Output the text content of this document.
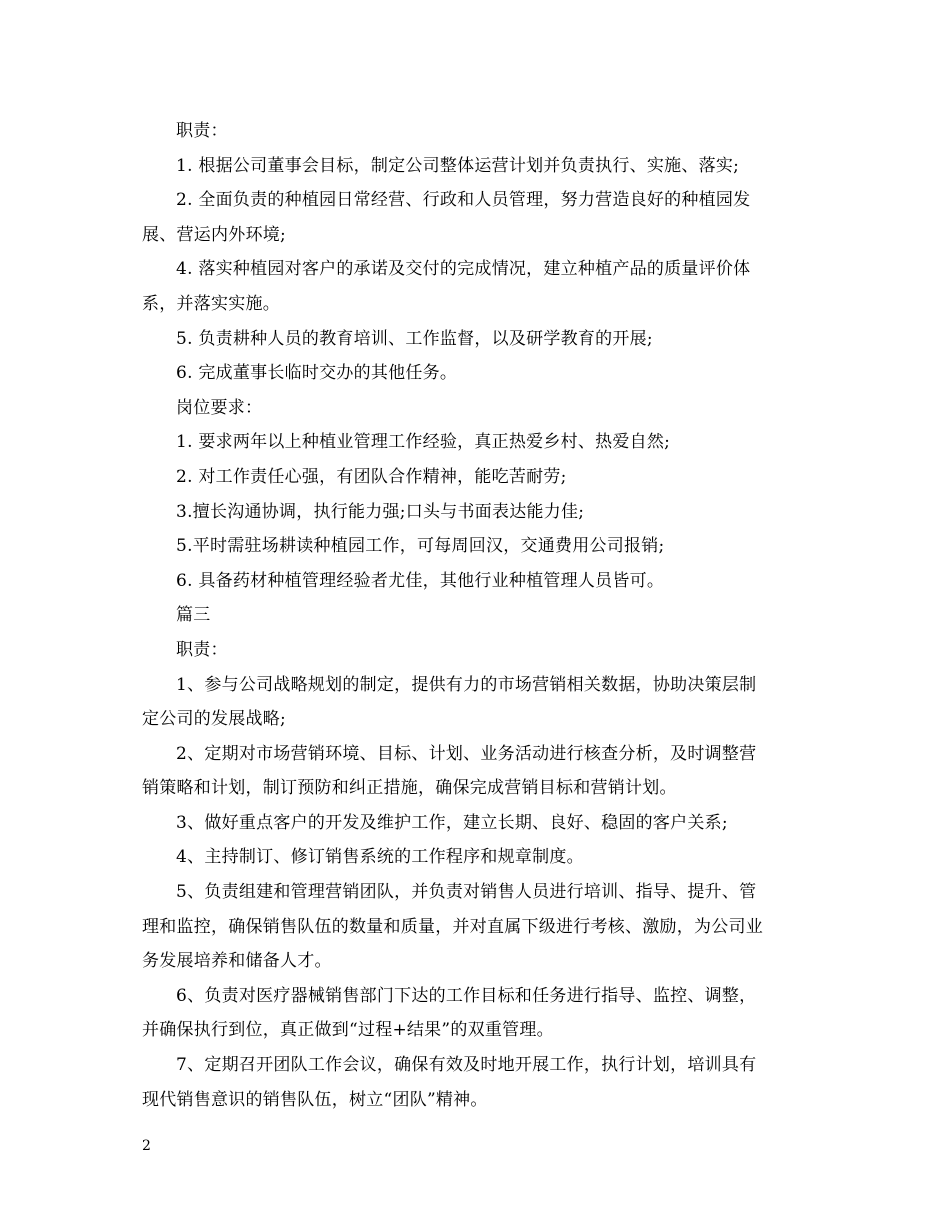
职责：
1. 根据公司董事会目标，制定公司整体运营计划并负责执行、实施、落实;
2. 全面负责的种植园日常经营、行政和人员管理，努力营造良好的种植园发
展、营运内外环境;
4. 落实种植园对客户的承诺及交付的完成情况，建立种植产品的质量评价体
系，并落实实施。
5. 负责耕种人员的教育培训、工作监督，以及研学教育的开展;
6. 完成董事长临时交办的其他任务。
岗位要求：
1. 要求两年以上种植业管理工作经验，真正热爱乡村、热爱自然;
2. 对工作责任心强，有团队合作精神，能吃苦耐劳;
3.擅长沟通协调，执行能力强;口头与书面表达能力佳;
5.平时需驻场耕读种植园工作，可每周回汉，交通费用公司报销;
6. 具备药材种植管理经验者尤佳，其他行业种植管理人员皆可。
篇三
职责：
1、参与公司战略规划的制定，提供有力的市场营销相关数据，协助决策层制
定公司的发展战略;
2、定期对市场营销环境、目标、计划、业务活动进行核查分析，及时调整营
销策略和计划，制订预防和纠正措施，确保完成营销目标和营销计划。
3、做好重点客户的开发及维护工作，建立长期、良好、稳固的客户关系;
4、主持制订、修订销售系统的工作程序和规章制度。
5、负责组建和管理营销团队，并负责对销售人员进行培训、指导、提升、管
理和监控，确保销售队伍的数量和质量，并对直属下级进行考核、激励，为公司业
务发展培养和储备人才。
6、负责对医疗器械销售部门下达的工作目标和任务进行指导、监控、调整，
并确保执行到位，真正做到“过程+结果”的双重管理。
7、定期召开团队工作会议，确保有效及时地开展工作，执行计划，培训具有
现代销售意识的销售队伍，树立“团队”精神。
2
